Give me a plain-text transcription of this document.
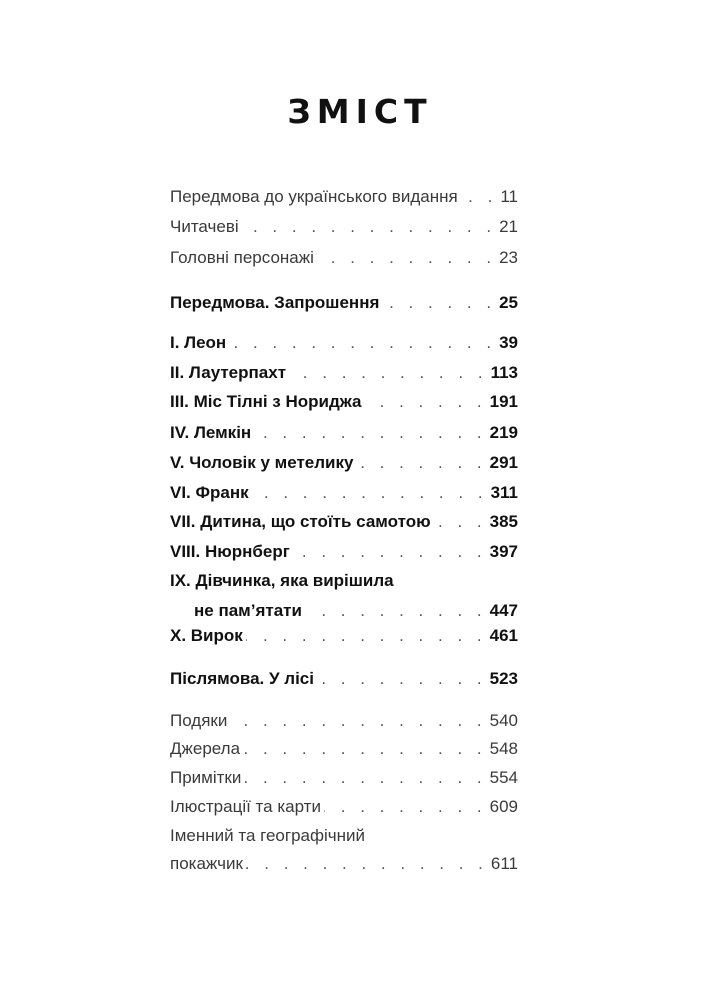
ЗМІСТ
Передмова до українського видання . . .	11
Читачеві . . .	21
Головні персонажі . . .	23
Передмова. Запрошення . . .	25
I. Леон . . .	39
II. Лаутерпахт . . .	113
III. Міс Тілні з Нориджа . . .	191
IV. Лемкін . . .	219
V. Чоловік у метелику . . .	291
VI. Франк . . .	311
VII. Дитина, що стоїть самотою . . .	385
VIII. Нюрнберг . . .	397
IX. Дівчинка, яка вирішила
не пам’ятати . . .	447
X. Вирок . . .	461
Післямова. У лісі . . .	523
Подяки . . .	540
Джерела . . .	548
Примітки . . .	554
Ілюстрації та карти . . .	609
Іменний та географічний
покажчик . . .	611
